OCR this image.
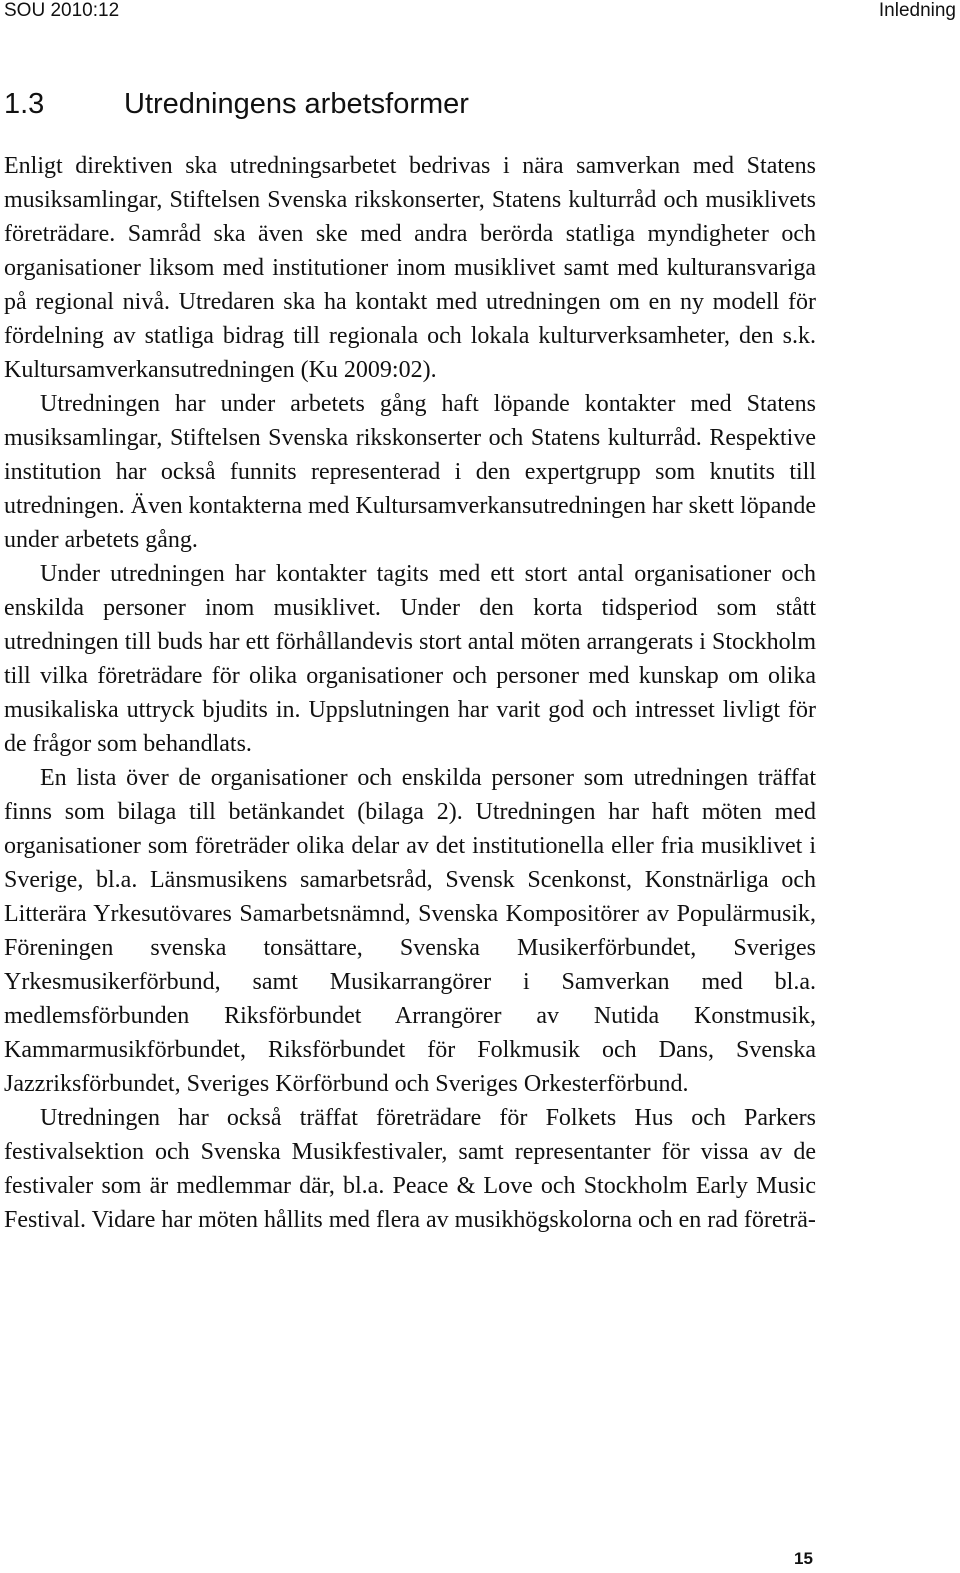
SOU 2010:12	Inledning
1.3	Utredningens arbetsformer

Enligt direktiven ska utredningsarbetet bedrivas i nära samverkan med Statens musiksamlingar, Stiftelsen Svenska rikskonserter, Statens kulturråd och musiklivets företrädare. Samråd ska även ske med andra berörda statliga myndigheter och organisationer liksom med institutioner inom musiklivet samt med kulturansvariga på regional nivå. Utredaren ska ha kontakt med utredningen om en ny modell för fördelning av statliga bidrag till regionala och lokala kulturverksamheter, den s.k. Kultursamverkansutredningen (Ku 2009:02).

Utredningen har under arbetets gång haft löpande kontakter med Statens musiksamlingar, Stiftelsen Svenska rikskonserter och Statens kulturråd. Respektive institution har också funnits representerad i den expertgrupp som knutits till utredningen. Även kontakterna med Kultursamverkansutredningen har skett löpande under arbetets gång.

Under utredningen har kontakter tagits med ett stort antal organisationer och enskilda personer inom musiklivet. Under den korta tidsperiod som stått utredningen till buds har ett förhållandevis stort antal möten arrangerats i Stockholm till vilka företrädare för olika organisationer och personer med kunskap om olika musikaliska uttryck bjudits in. Uppslutningen har varit god och intresset livligt för de frågor som behandlats.

En lista över de organisationer och enskilda personer som utredningen träffat finns som bilaga till betänkandet (bilaga 2). Utredningen har haft möten med organisationer som företräder olika delar av det institutionella eller fria musiklivet i Sverige, bl.a. Länsmusikens samarbetsråd, Svensk Scenkonst, Konstnärliga och Litterära Yrkesutövares Samarbetsnämnd, Svenska Kompositörer av Populärmusik, Föreningen svenska tonsättare, Svenska Musikerförbundet, Sveriges Yrkesmusikerförbund, samt Musikarrangörer i Samverkan med bl.a. medlemsförbunden Riksförbundet Arrangörer av Nutida Konstmusik, Kammarmusikförbundet, Riksförbundet för Folkmusik och Dans, Svenska Jazzriksförbundet, Sveriges Körförbund och Sveriges Orkesterförbund.

Utredningen har också träffat företrädare för Folkets Hus och Parkers festivalsektion och Svenska Musikfestivaler, samt representanter för vissa av de festivaler som är medlemmar där, bl.a. Peace & Love och Stockholm Early Music Festival. Vidare har möten hållits med flera av musikhögskolorna och en rad företrä-

15
